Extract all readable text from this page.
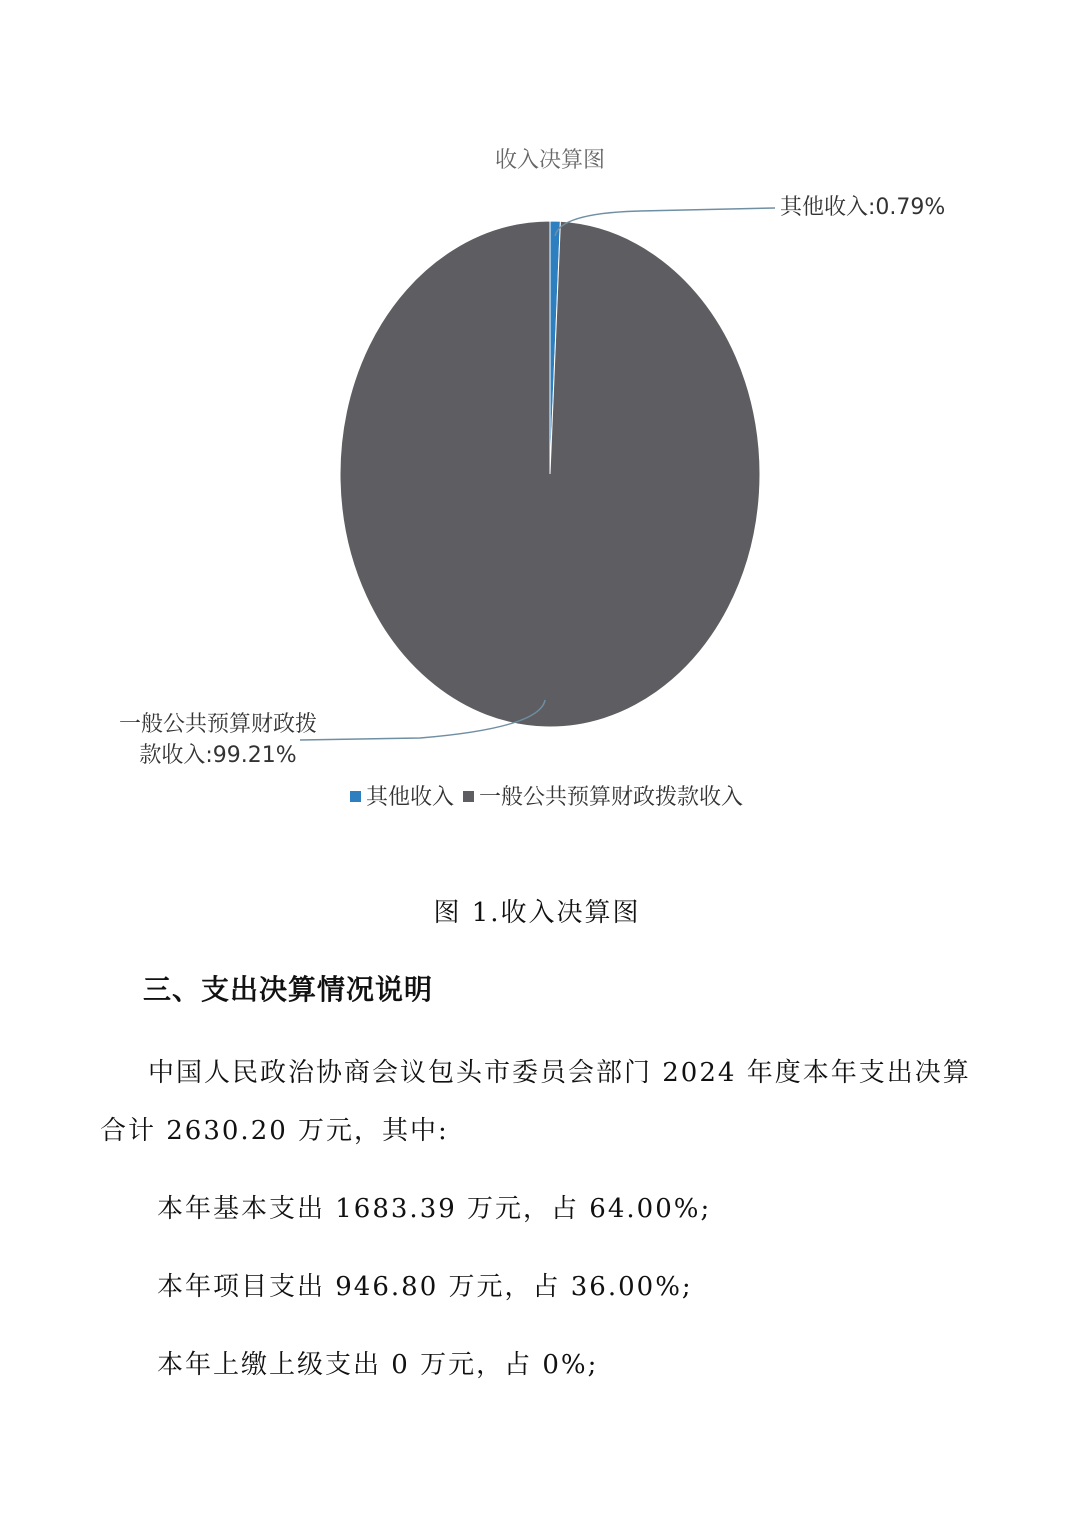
收入决算图
其他收入:0.79%
一般公共预算财政拨
款收入:99.21%
其他收入 一般公共预算财政拨款收入
图 1.收入决算图
三、支出决算情况说明
中国人民政治协商会议包头市委员会部门 2024 年度本年支出决算
合计 2630.20 万元，其中:
本年基本支出 1683.39 万元，占 64.00%;
本年项目支出 946.80 万元，占 36.00%;
本年上缴上级支出 0 万元，占 0%;
